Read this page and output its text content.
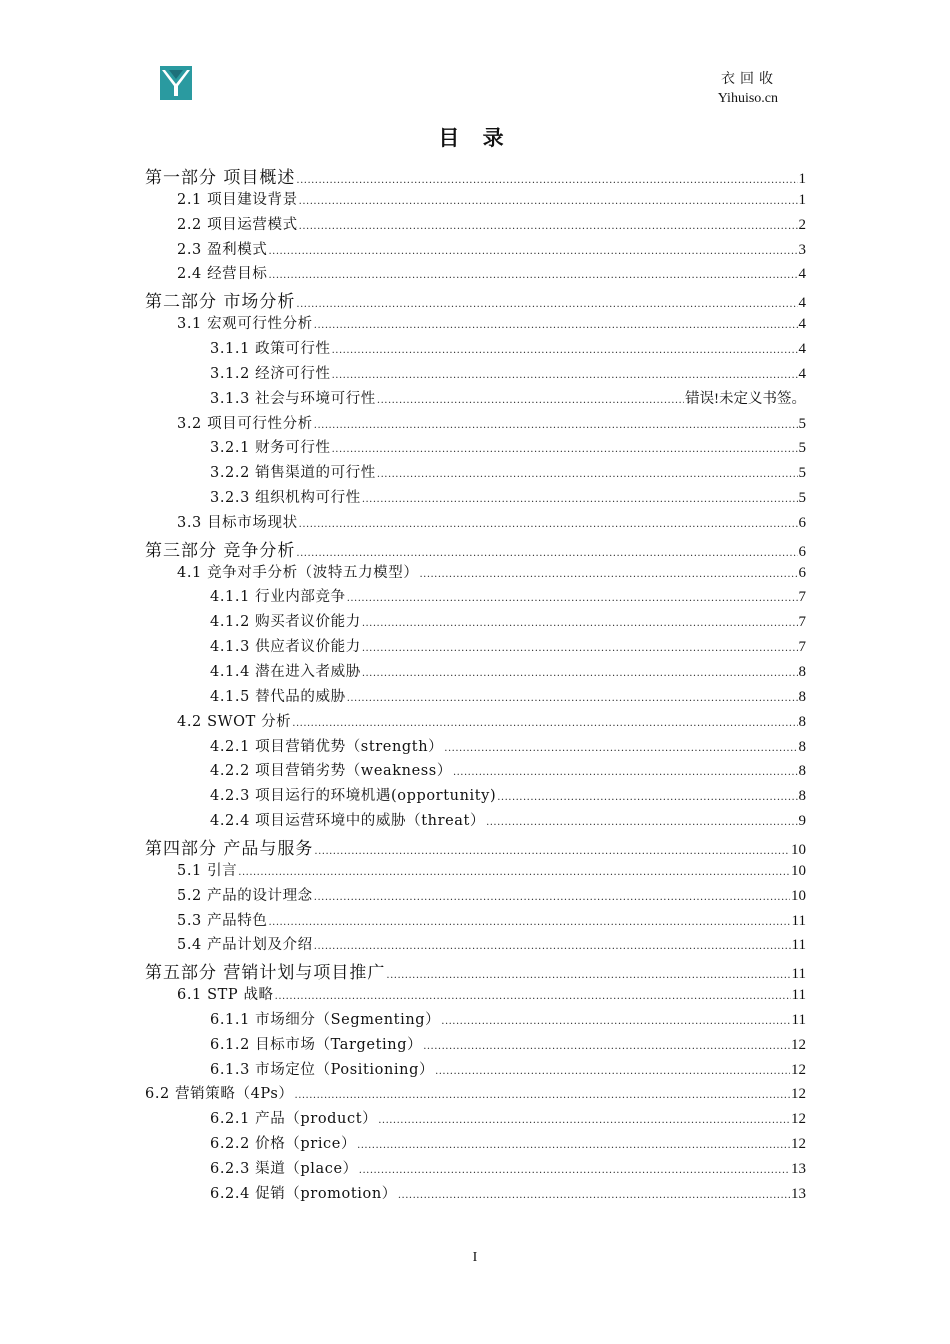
衣回收
Yihuiso.cn
目 录
第一部分 项目概述 .....	1
2.1 项目建设背景 .....	1
2.2 项目运营模式 .....	2
2.3 盈利模式 .....	3
2.4 经营目标 .....	4
第二部分 市场分析 .....	4
3.1 宏观可行性分析 .....	4
3.1.1 政策可行性 .....	4
3.1.2 经济可行性 .....	4
3.1.3 社会与环境可行性 .....	错误!未定义书签。
3.2 项目可行性分析 .....	5
3.2.1 财务可行性 .....	5
3.2.2 销售渠道的可行性 .....	5
3.2.3 组织机构可行性 .....	5
3.3 目标市场现状 .....	6
第三部分 竞争分析 .....	6
4.1 竞争对手分析（波特五力模型） .....	6
4.1.1 行业内部竞争 .....	7
4.1.2 购买者议价能力 .....	7
4.1.3 供应者议价能力 .....	7
4.1.4 潜在进入者威胁 .....	8
4.1.5 替代品的威胁 .....	8
4.2 SWOT 分析 .....	8
4.2.1 项目营销优势（strength） .....	8
4.2.2 项目营销劣势（weakness） .....	8
4.2.3 项目运行的环境机遇(opportunity) .....	8
4.2.4 项目运营环境中的威胁（threat） .....	9
第四部分 产品与服务 .....	10
5.1 引言 .....	10
5.2 产品的设计理念 .....	10
5.3 产品特色 .....	11
5.4 产品计划及介绍 .....	11
第五部分 营销计划与项目推广 .....	11
6.1 STP 战略 .....	11
6.1.1 市场细分（Segmenting） .....	11
6.1.2 目标市场（Targeting） .....	12
6.1.3 市场定位（Positioning） .....	12
6.2 营销策略（4Ps） .....	12
6.2.1 产品（product） .....	12
6.2.2 价格（price） .....	12
6.2.3 渠道（place） .....	13
6.2.4 促销（promotion） .....	13
I
